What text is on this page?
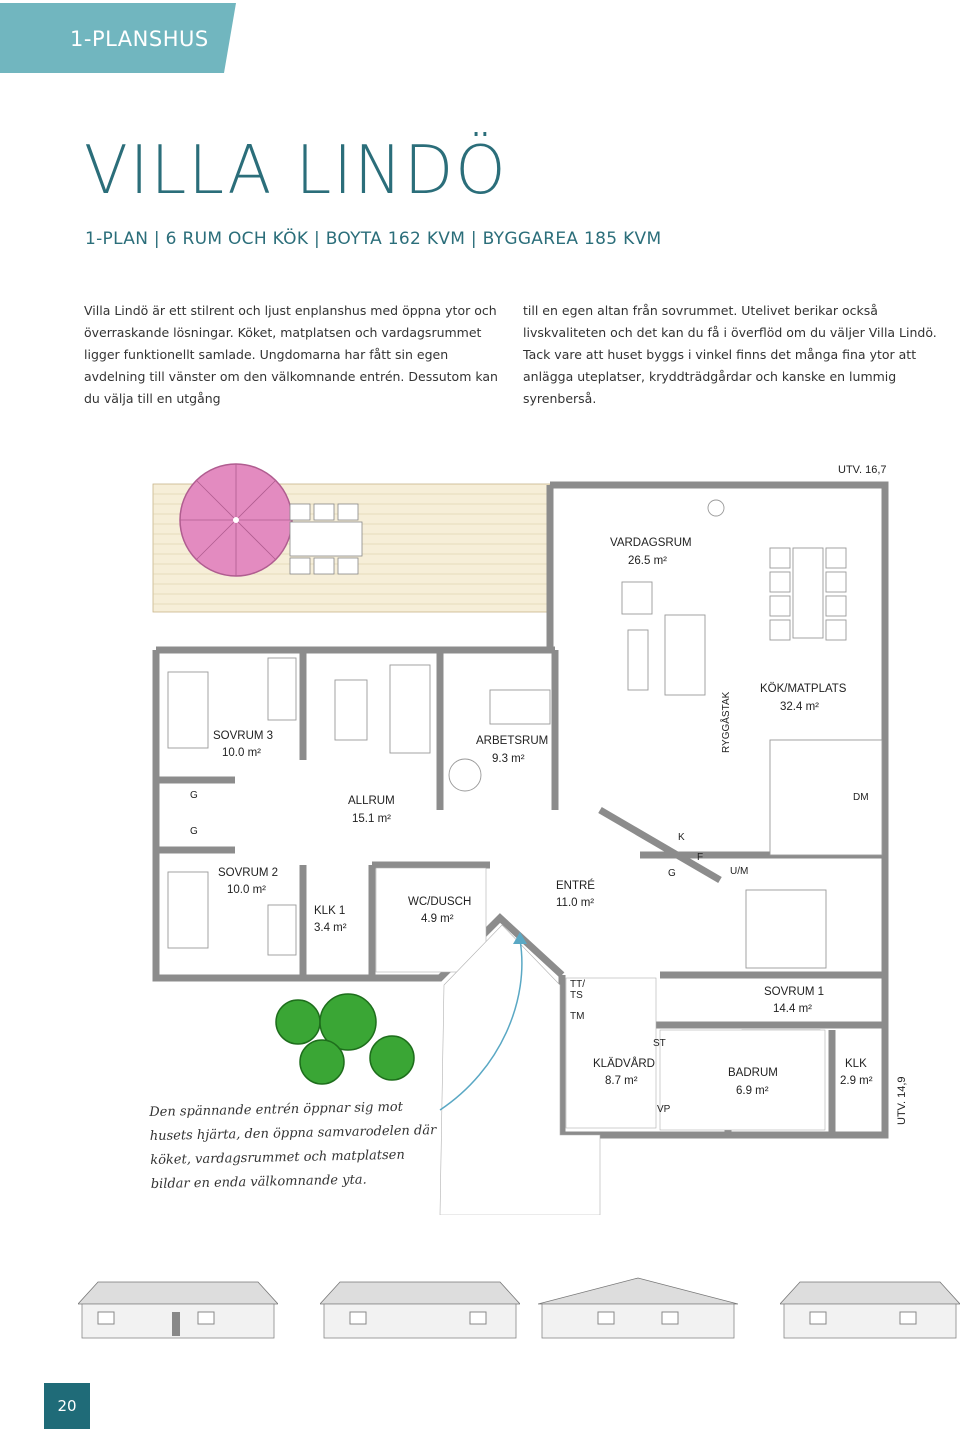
1-PLANSHUS
VILLA LINDÖ
1-PLAN | 6 RUM OCH KÖK | BOYTA 162 KVM | BYGGAREA 185 KVM
Villa Lindö är ett stilrent och ljust enplanshus med öppna ytor och överraskande lösningar. Köket, matplatsen och vardagsrummet ligger funktionellt samlade. Ungdomarna har fått sin egen avdelning till vänster om den välkomnande entrén. Dessutom kan du välja till en utgång
till en egen altan från sovrummet. Utelivet berikar också livskvaliteten och det kan du få i överflöd om du väljer Villa Lindö. Tack vare att huset byggs i vinkel finns det många fina ytor att anlägga uteplatser, kryddträdgårdar och kanske en lummig syrenberså.
UTV. 16,7
UTV. 14,9
VARDAGSRUM
26.5 m²
KÖK/MATPLATS
32.4 m²
SOVRUM 3
10.0 m²
ARBETSRUM
9.3 m²
ALLRUM
15.1 m²
SOVRUM 2
10.0 m²
KLK 1
3.4 m²
WC/DUSCH
4.9 m²
ENTRÉ
11.0 m²
SOVRUM 1
14.4 m²
KLÄDVÅRD
8.7 m²
BADRUM
6.9 m²
KLK
2.9 m²
G
G
DM
K
F
G	U/M
TT/
TS
TM
ST
VP
RYGGÅSTAK
Den spännande entrén öppnar sig mot husets hjärta, den öppna samvarodelen där köket, vardagsrummet och matplatsen bildar en enda välkomnande yta.
20
